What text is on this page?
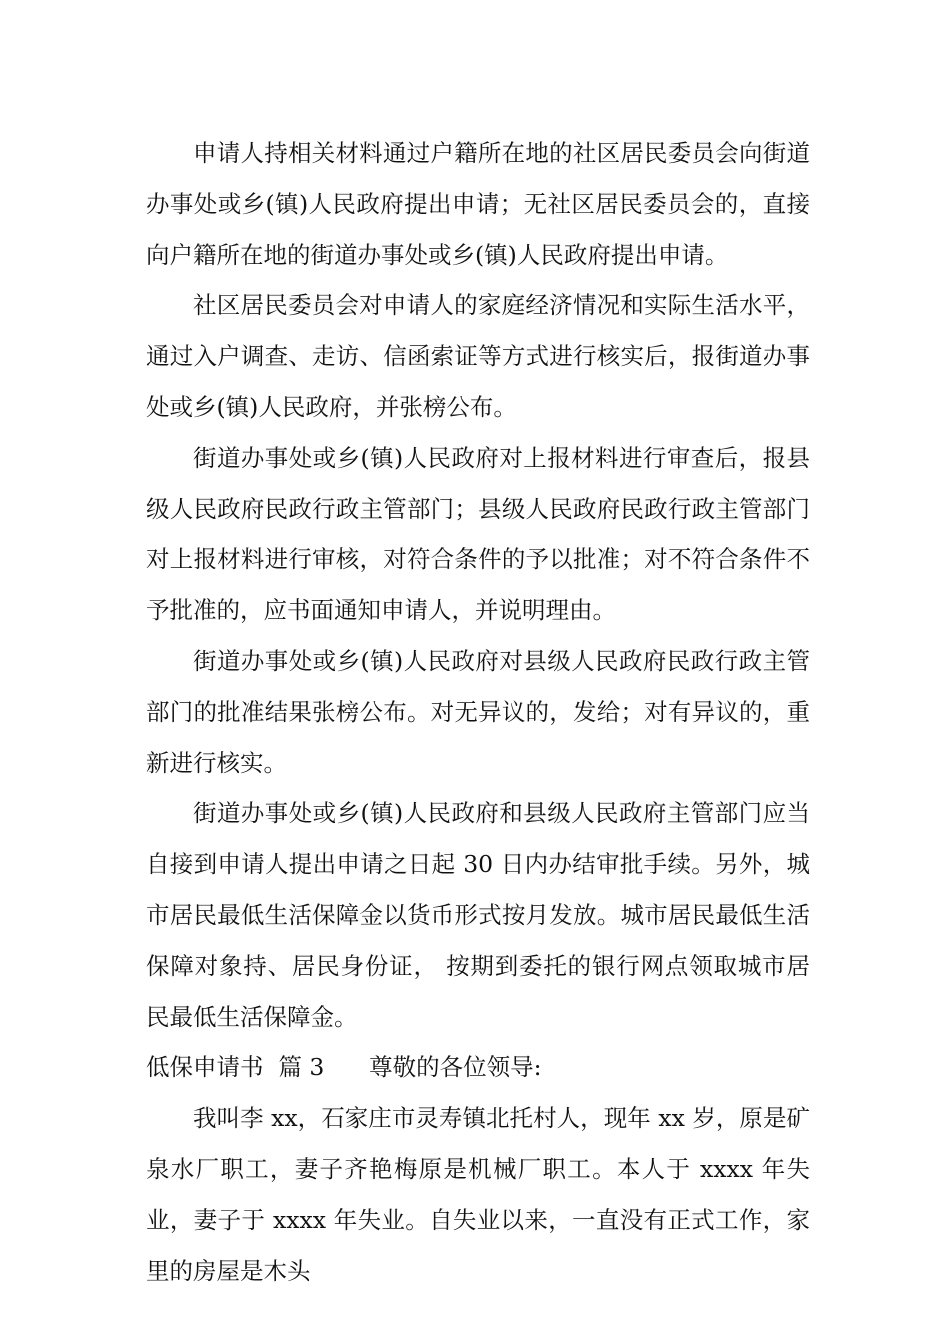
申请人持相关材料通过户籍所在地的社区居民委员会向街道办事处或乡(镇)人民政府提出申请；无社区居民委员会的，直接向户籍所在地的街道办事处或乡(镇)人民政府提出申请。

社区居民委员会对申请人的家庭经济情况和实际生活水平，通过入户调查、走访、信函索证等方式进行核实后，报街道办事处或乡(镇)人民政府，并张榜公布。

街道办事处或乡(镇)人民政府对上报材料进行审查后，报县级人民政府民政行政主管部门；县级人民政府民政行政主管部门对上报材料进行审核，对符合条件的予以批准；对不符合条件不予批准的，应书面通知申请人，并说明理由。

街道办事处或乡(镇)人民政府对县级人民政府民政行政主管部门的批准结果张榜公布。对无异议的，发给；对有异议的，重新进行核实。

街道办事处或乡(镇)人民政府和县级人民政府主管部门应当自接到申请人提出申请之日起 30 日内办结审批手续。另外，城市居民最低生活保障金以货币形式按月发放。城市居民最低生活保障对象持、居民身份证， 按期到委托的银行网点领取城市居民最低生活保障金。

低保申请书  篇 3      尊敬的各位领导:

我叫李 xx，石家庄市灵寿镇北托村人，现年 xx 岁，原是矿泉水厂职工，妻子齐艳梅原是机械厂职工。本人于 xxxx 年失业，妻子于 xxxx 年失业。自失业以来，一直没有正式工作，家里的房屋是木头
